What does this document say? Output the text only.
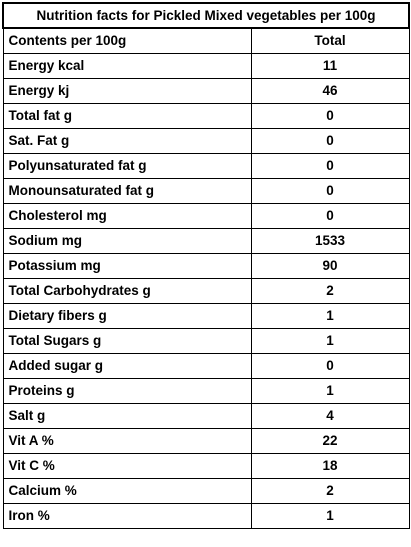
Nutrition facts for Pickled Mixed vegetables per 100g	
Contents per 100g	Total
Energy kcal	11
Energy kj	46
Total fat g	0
Sat. Fat g	0
Polyunsaturated fat g	0
Monounsaturated fat g	0
Cholesterol mg	0
Sodium mg	1533
Potassium mg	90
Total Carbohydrates g	2
Dietary fibers g	1
Total Sugars g	1
Added sugar g	0
Proteins g	1
Salt g	4
Vit A %	22
Vit C %	18
Calcium %	2
Iron %	1
